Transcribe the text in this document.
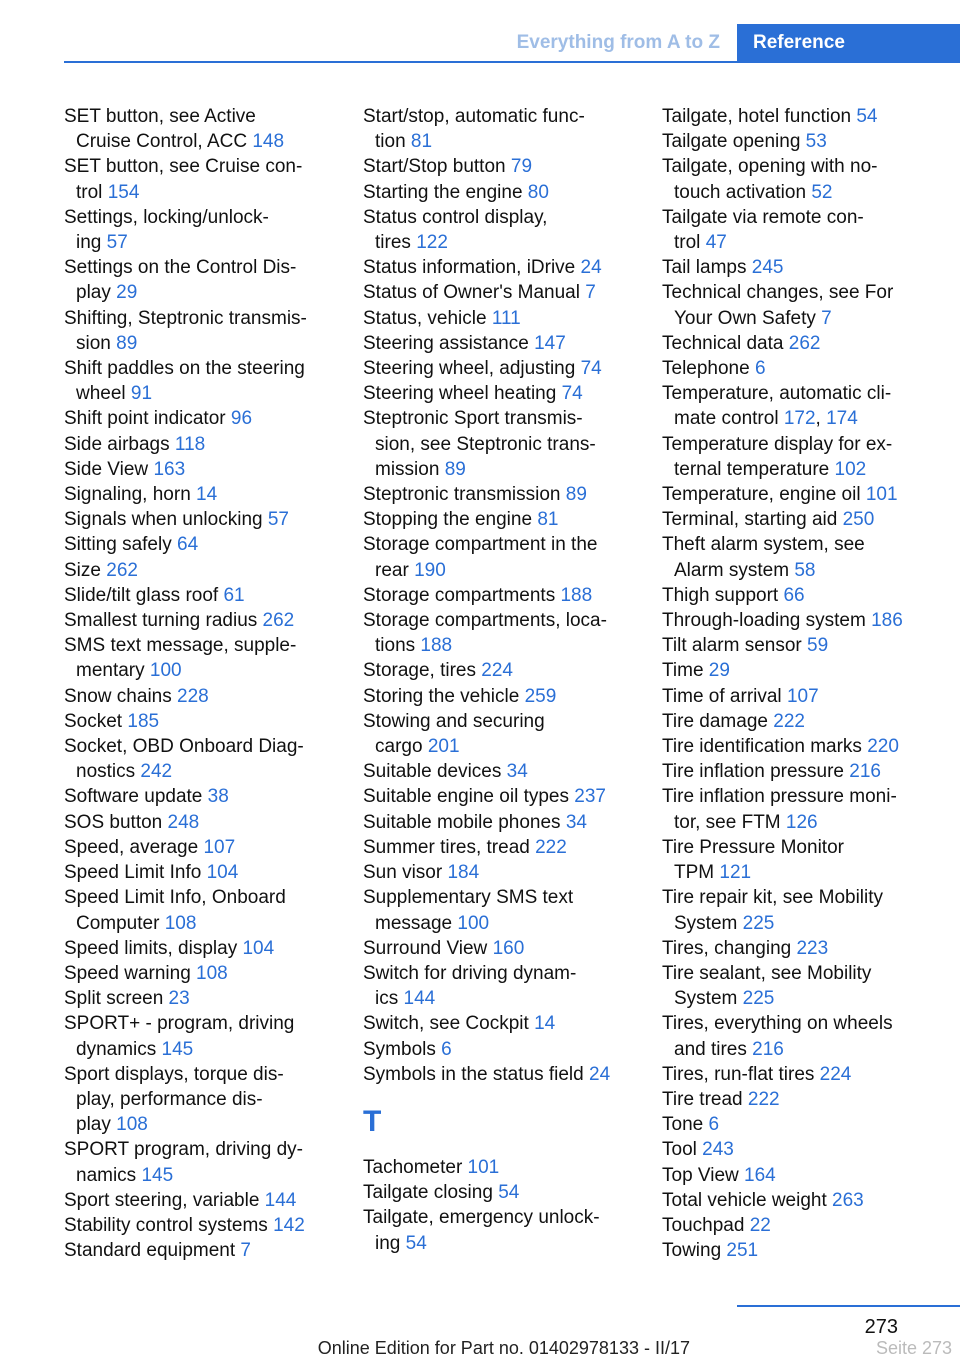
Everything from A to Z	Reference
SET button, see Active
Cruise Control, ACC 148
SET button, see Cruise con-
trol 154
Settings, locking/unlock-
ing 57
Settings on the Control Dis-
play 29
Shifting, Steptronic transmis-
sion 89
Shift paddles on the steering
wheel 91
Shift point indicator 96
Side airbags 118
Side View 163
Signaling, horn 14
Signals when unlocking 57
Sitting safely 64
Size 262
Slide/tilt glass roof 61
Smallest turning radius 262
SMS text message, supple-
mentary 100
Snow chains 228
Socket 185
Socket, OBD Onboard Diag-
nostics 242
Software update 38
SOS button 248
Speed, average 107
Speed Limit Info 104
Speed Limit Info, Onboard
Computer 108
Speed limits, display 104
Speed warning 108
Split screen 23
SPORT+ - program, driving
dynamics 145
Sport displays, torque dis-
play, performance dis-
play 108
SPORT program, driving dy-
namics 145
Sport steering, variable 144
Stability control systems 142
Standard equipment 7
Start/stop, automatic func-
tion 81
Start/Stop button 79
Starting the engine 80
Status control display,
tires 122
Status information, iDrive 24
Status of Owner's Manual 7
Status, vehicle 111
Steering assistance 147
Steering wheel, adjusting 74
Steering wheel heating 74
Steptronic Sport transmis-
sion, see Steptronic trans-
mission 89
Steptronic transmission 89
Stopping the engine 81
Storage compartment in the
rear 190
Storage compartments 188
Storage compartments, loca-
tions 188
Storage, tires 224
Storing the vehicle 259
Stowing and securing
cargo 201
Suitable devices 34
Suitable engine oil types 237
Suitable mobile phones 34
Summer tires, tread 222
Sun visor 184
Supplementary SMS text
message 100
Surround View 160
Switch for driving dynam-
ics 144
Switch, see Cockpit 14
Symbols 6
Symbols in the status field 24
T
Tachometer 101
Tailgate closing 54
Tailgate, emergency unlock-
ing 54
Tailgate, hotel function 54
Tailgate opening 53
Tailgate, opening with no-
touch activation 52
Tailgate via remote con-
trol 47
Tail lamps 245
Technical changes, see For
Your Own Safety 7
Technical data 262
Telephone 6
Temperature, automatic cli-
mate control 172, 174
Temperature display for ex-
ternal temperature 102
Temperature, engine oil 101
Terminal, starting aid 250
Theft alarm system, see
Alarm system 58
Thigh support 66
Through-loading system 186
Tilt alarm sensor 59
Time 29
Time of arrival 107
Tire damage 222
Tire identification marks 220
Tire inflation pressure 216
Tire inflation pressure moni-
tor, see FTM 126
Tire Pressure Monitor
TPM 121
Tire repair kit, see Mobility
System 225
Tires, changing 223
Tire sealant, see Mobility
System 225
Tires, everything on wheels
and tires 216
Tires, run-flat tires 224
Tire tread 222
Tone 6
Tool 243
Top View 164
Total vehicle weight 263
Touchpad 22
Towing 251
273
Online Edition for Part no. 01402978133 - II/17	Seite 273
